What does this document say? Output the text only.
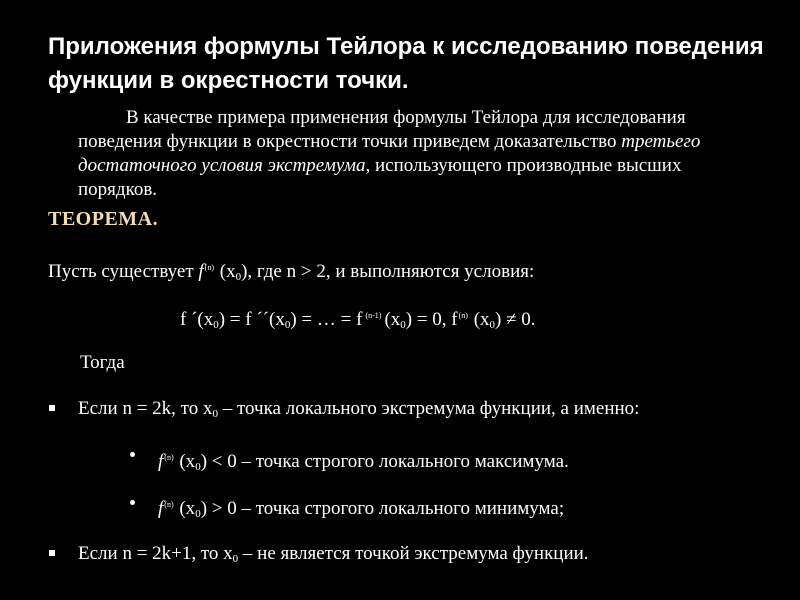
Приложения формулы Тейлора к исследованию поведения функции в окрестности точки.
В качестве примера применения формулы Тейлора для исследования поведения функции в окрестности точки приведем доказательство третьего достаточного условия экстремума, использующего производные высших порядков.
ТЕОРЕМА.
Пусть существует $f^{(n)}$ $(x_0)$, где n > 2, и выполняются условия:
f $´(x_0) = f$ $´´(x_0)$ = … = f $^{(n-1)}$ $(x_0) = 0$, $f^{(n)}$ $(x_0) \ne 0$.
Тогда
Если n = 2k, то $x_0$ – точка локального экстремума функции, а именно:
$f^{(n)}$ $(x_0) < 0$ – точка строгого локального максимума.
$f^{(n)}$ $(x_0) > 0$ – точка строгого локального минимума;
Если n = 2k+1, то $x_0$ – не является точкой экстремума функции.
